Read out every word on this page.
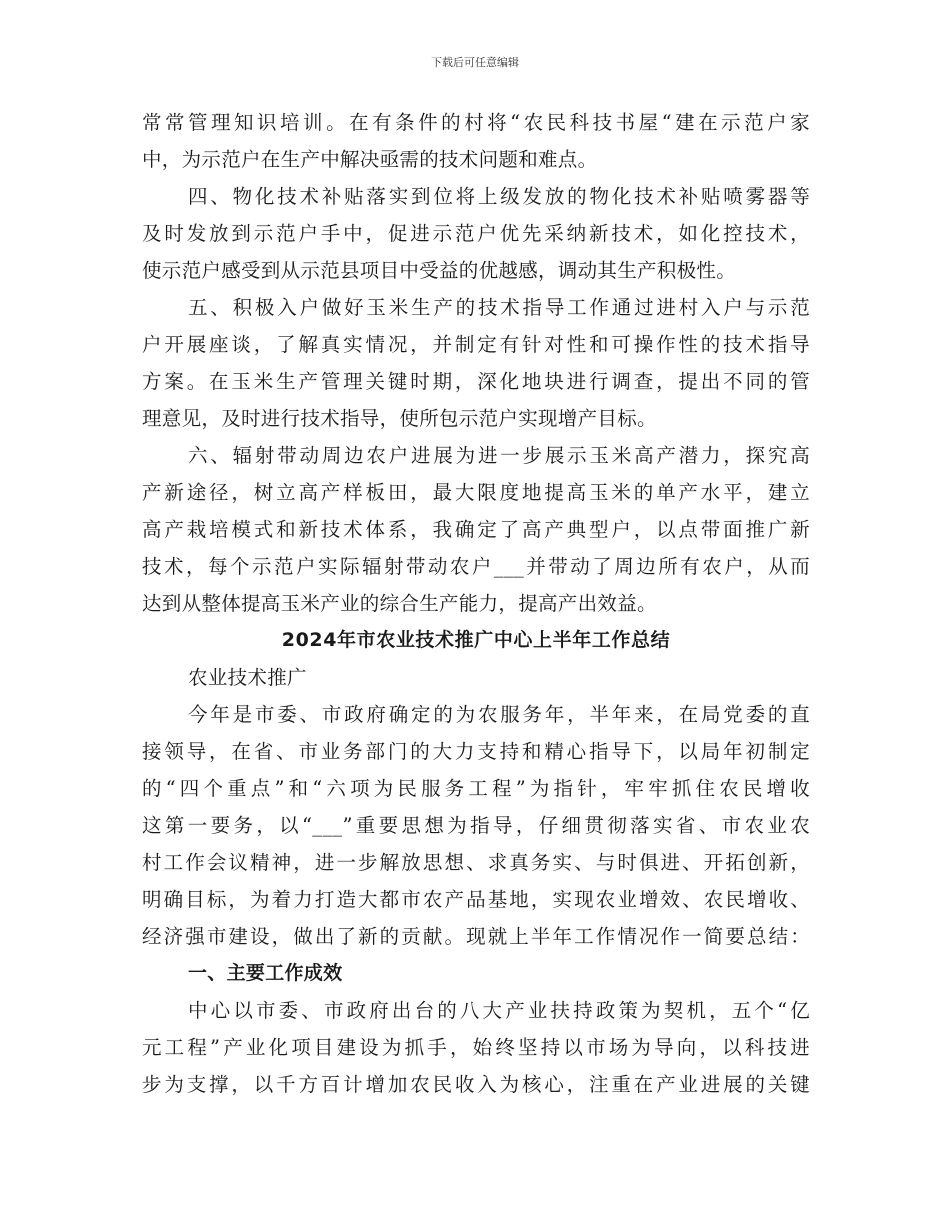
下载后可任意编辑
常常管理知识培训。在有条件的村将“农民科技书屋“建在示范户家
中，为示范户在生产中解决亟需的技术问题和难点。
四、物化技术补贴落实到位将上级发放的物化技术补贴喷雾器等
及时发放到示范户手中，促进示范户优先采纳新技术，如化控技术，
使示范户感受到从示范县项目中受益的优越感，调动其生产积极性。
五、积极入户做好玉米生产的技术指导工作通过进村入户与示范
户开展座谈，了解真实情况，并制定有针对性和可操作性的技术指导
方案。在玉米生产管理关键时期，深化地块进行调查，提出不同的管
理意见，及时进行技术指导，使所包示范户实现增产目标。
六、辐射带动周边农户进展为进一步展示玉米高产潜力，探究高
产新途径，树立高产样板田，最大限度地提高玉米的单产水平，建立
高产栽培模式和新技术体系，我确定了高产典型户，以点带面推广新
技术，每个示范户实际辐射带动农户___并带动了周边所有农户，从而
达到从整体提高玉米产业的综合生产能力，提高产出效益。
2024年市农业技术推广中心上半年工作总结
农业技术推广
今年是市委、市政府确定的为农服务年，半年来，在局党委的直
接领导，在省、市业务部门的大力支持和精心指导下，以局年初制定
的“四个重点”和“六项为民服务工程”为指针，牢牢抓住农民增收
这第一要务，以“___”重要思想为指导，仔细贯彻落实省、市农业农
村工作会议精神，进一步解放思想、求真务实、与时俱进、开拓创新，
明确目标，为着力打造大都市农产品基地，实现农业增效、农民增收、
经济强市建设，做出了新的贡献。现就上半年工作情况作一简要总结：
一、主要工作成效
中心以市委、市政府出台的八大产业扶持政策为契机，五个“亿
元工程”产业化项目建设为抓手，始终坚持以市场为导向，以科技进
步为支撑，以千方百计增加农民收入为核心，注重在产业进展的关键
